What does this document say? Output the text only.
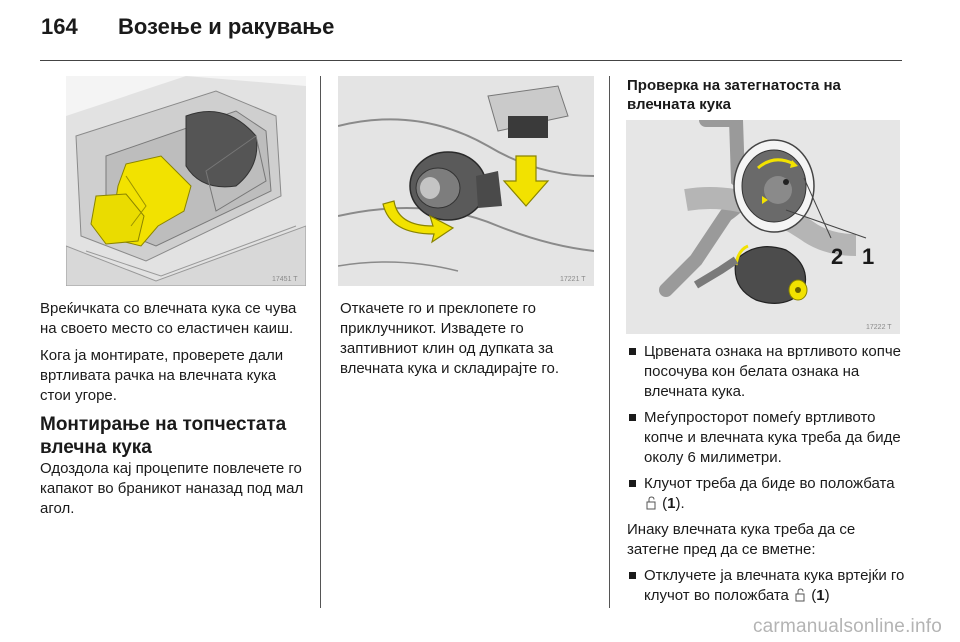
164 Возење и ракување
17451 T

Врeќичката со влечната кука се чува на своето место со еластичен каиш.

Кога ја монтирате, проверете дали вртливата рачка на влечната кука стои угоре.

Монтирање на топчестата влечна кука

Одоздола кај процепите повлечете го капакот во браникот наназад под мал агол.

17221 T

Откачете го и преклопете го приклучникот. Извадете го заптивниот клин од дупката за влечната кука и складирајте го.

Проверка на затегнатоста на влечната кука
2 1
17222 T
Црвената ознака на вртливото копче посочува кон белата ознака на влечната кука.
Меѓупросторот помеѓу вртливото копче и влечната кука треба да биде околу 6 милиметри.
Клучот треба да биде во положбата  (1).

Инаку влечната кука треба да се затегне пред да се вметне:

Отклучете ја влечната кука вртејќи го клучот во положбата  (1)
carmanualsonline.info
